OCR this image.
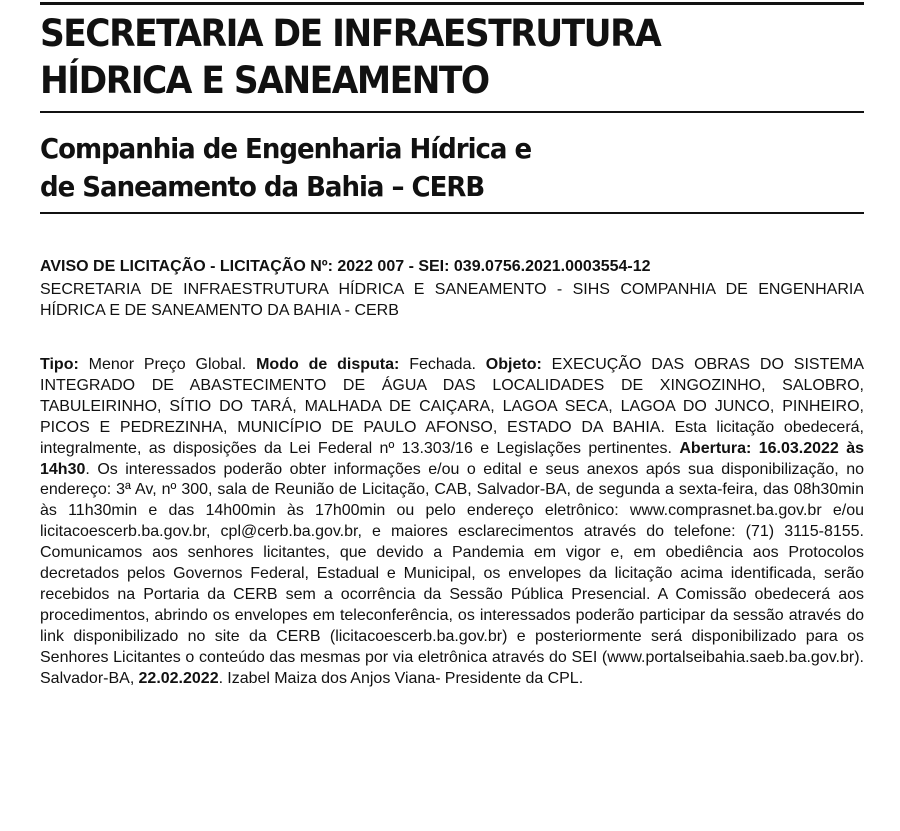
SECRETARIA DE INFRAESTRUTURA
HÍDRICA E SANEAMENTO
Companhia de Engenharia Hídrica e
de Saneamento da Bahia – CERB
AVISO DE LICITAÇÃO - LICITAÇÃO Nº: 2022 007 - SEI: 039.0756.2021.0003554-12

SECRETARIA DE INFRAESTRUTURA HÍDRICA E SANEAMENTO - SIHS COMPANHIA DE ENGENHARIA HÍDRICA E DE SANEAMENTO DA BAHIA - CERB

Tipo: Menor Preço Global. Modo de disputa: Fechada. Objeto: EXECUÇÃO DAS OBRAS DO SISTEMA INTEGRADO DE ABASTECIMENTO DE ÁGUA DAS LOCALIDADES DE XINGOZINHO, SALOBRO, TABULEIRINHO, SÍTIO DO TARÁ, MALHADA DE CAIÇARA, LAGOA SECA, LAGOA DO JUNCO, PINHEIRO, PICOS E PEDREZINHA, MUNICÍPIO DE PAULO AFONSO, ESTADO DA BAHIA. Esta licitação obedecerá, integralmente, as disposições da Lei Federal nº 13.303/16 e Legislações pertinentes. Abertura: 16.03.2022 às 14h30. Os interessados poderão obter informações e/ou o edital e seus anexos após sua disponibilização, no endereço: 3ª Av, nº 300, sala de Reunião de Licitação, CAB, Salvador-BA, de segunda a sexta-feira, das 08h30min às 11h30min e das 14h00min às 17h00min ou pelo endereço eletrônico: www.comprasnet.ba.gov.br e/ou licitacoescerb.ba.gov.br, cpl@cerb.ba.gov.br, e maiores esclarecimentos através do telefone: (71) 3115-8155. Comunicamos aos senhores licitantes, que devido a Pandemia em vigor e, em obediência aos Protocolos decretados pelos Governos Federal, Estadual e Municipal, os envelopes da licitação acima identificada, serão recebidos na Portaria da CERB sem a ocorrência da Sessão Pública Presencial. A Comissão obedecerá aos procedimentos, abrindo os envelopes em teleconferência, os interessados poderão participar da sessão através do link disponibilizado no site da CERB (licitacoescerb.ba.gov.br) e posteriormente será disponibilizado para os Senhores Licitantes o conteúdo das mesmas por via eletrônica através do SEI (www.portalseibahia.saeb.ba.gov.br). Salvador-BA, 22.02.2022. Izabel Maiza dos Anjos Viana- Presidente da CPL.
